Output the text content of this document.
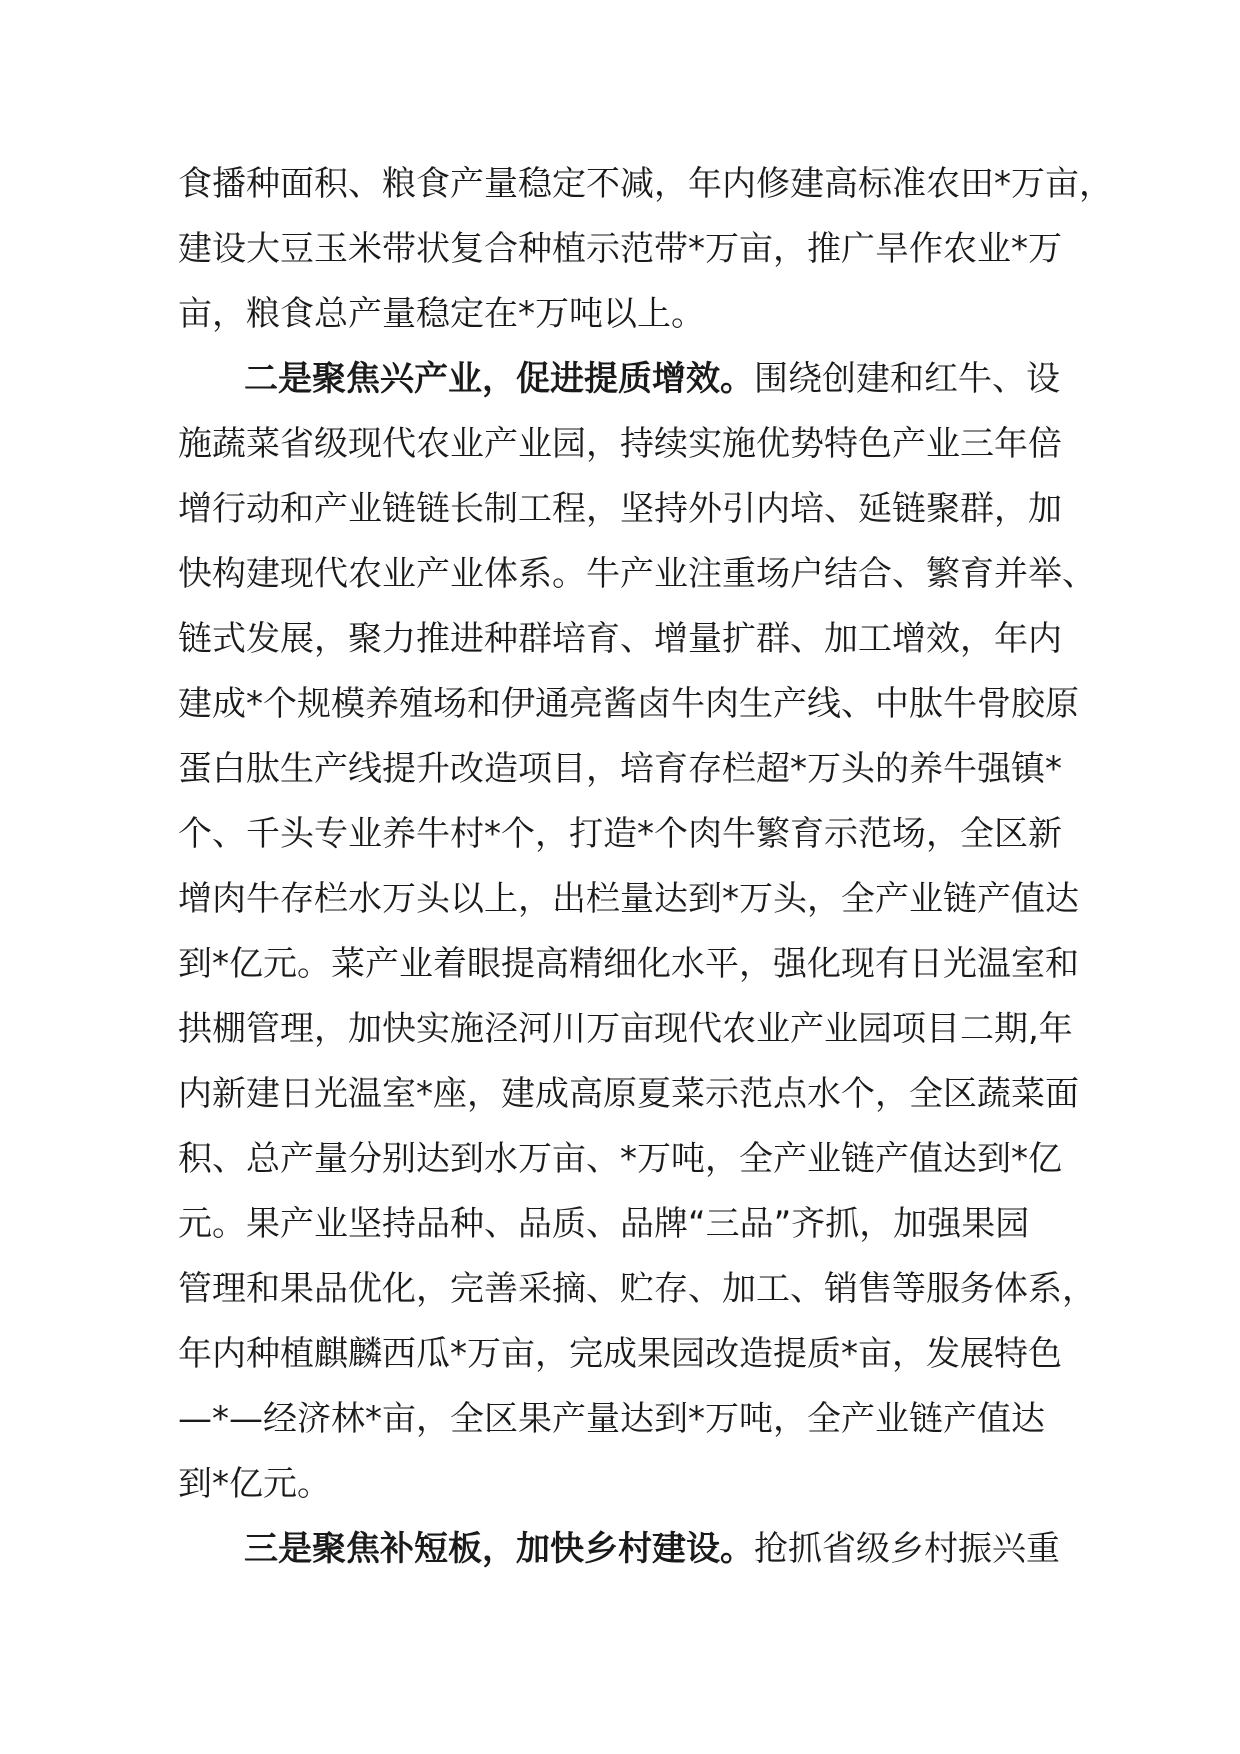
食播种面积、粮食产量稳定不减，年内修建高标准农田*万亩，
建设大豆玉米带状复合种植示范带*万亩，推广旱作农业*万
亩，粮食总产量稳定在*万吨以上。
二是聚焦兴产业，促进提质增效。围绕创建和红牛、设
施蔬菜省级现代农业产业园，持续实施优势特色产业三年倍
增行动和产业链链长制工程，坚持外引内培、延链聚群，加
快构建现代农业产业体系。牛产业注重场户结合、繁育并举、
链式发展，聚力推进种群培育、增量扩群、加工增效，年内
建成*个规模养殖场和伊通亮酱卤牛肉生产线、中肽牛骨胶原
蛋白肽生产线提升改造项目，培育存栏超*万头的养牛强镇*
个、千头专业养牛村*个，打造*个肉牛繁育示范场，全区新
增肉牛存栏水万头以上，出栏量达到*万头，全产业链产值达
到*亿元。菜产业着眼提高精细化水平，强化现有日光温室和
拱棚管理，加快实施泾河川万亩现代农业产业园项目二期,年
内新建日光温室*座，建成高原夏菜示范点水个，全区蔬菜面
积、总产量分别达到水万亩、*万吨，全产业链产值达到*亿
元。果产业坚持品种、品质、品牌“三品”齐抓，加强果园
管理和果品优化，完善采摘、贮存、加工、销售等服务体系，
年内种植麒麟西瓜*万亩，完成果园改造提质*亩，发展特色
—*—经济林*亩，全区果产量达到*万吨，全产业链产值达
到*亿元。
三是聚焦补短板，加快乡村建设。抢抓省级乡村振兴重
